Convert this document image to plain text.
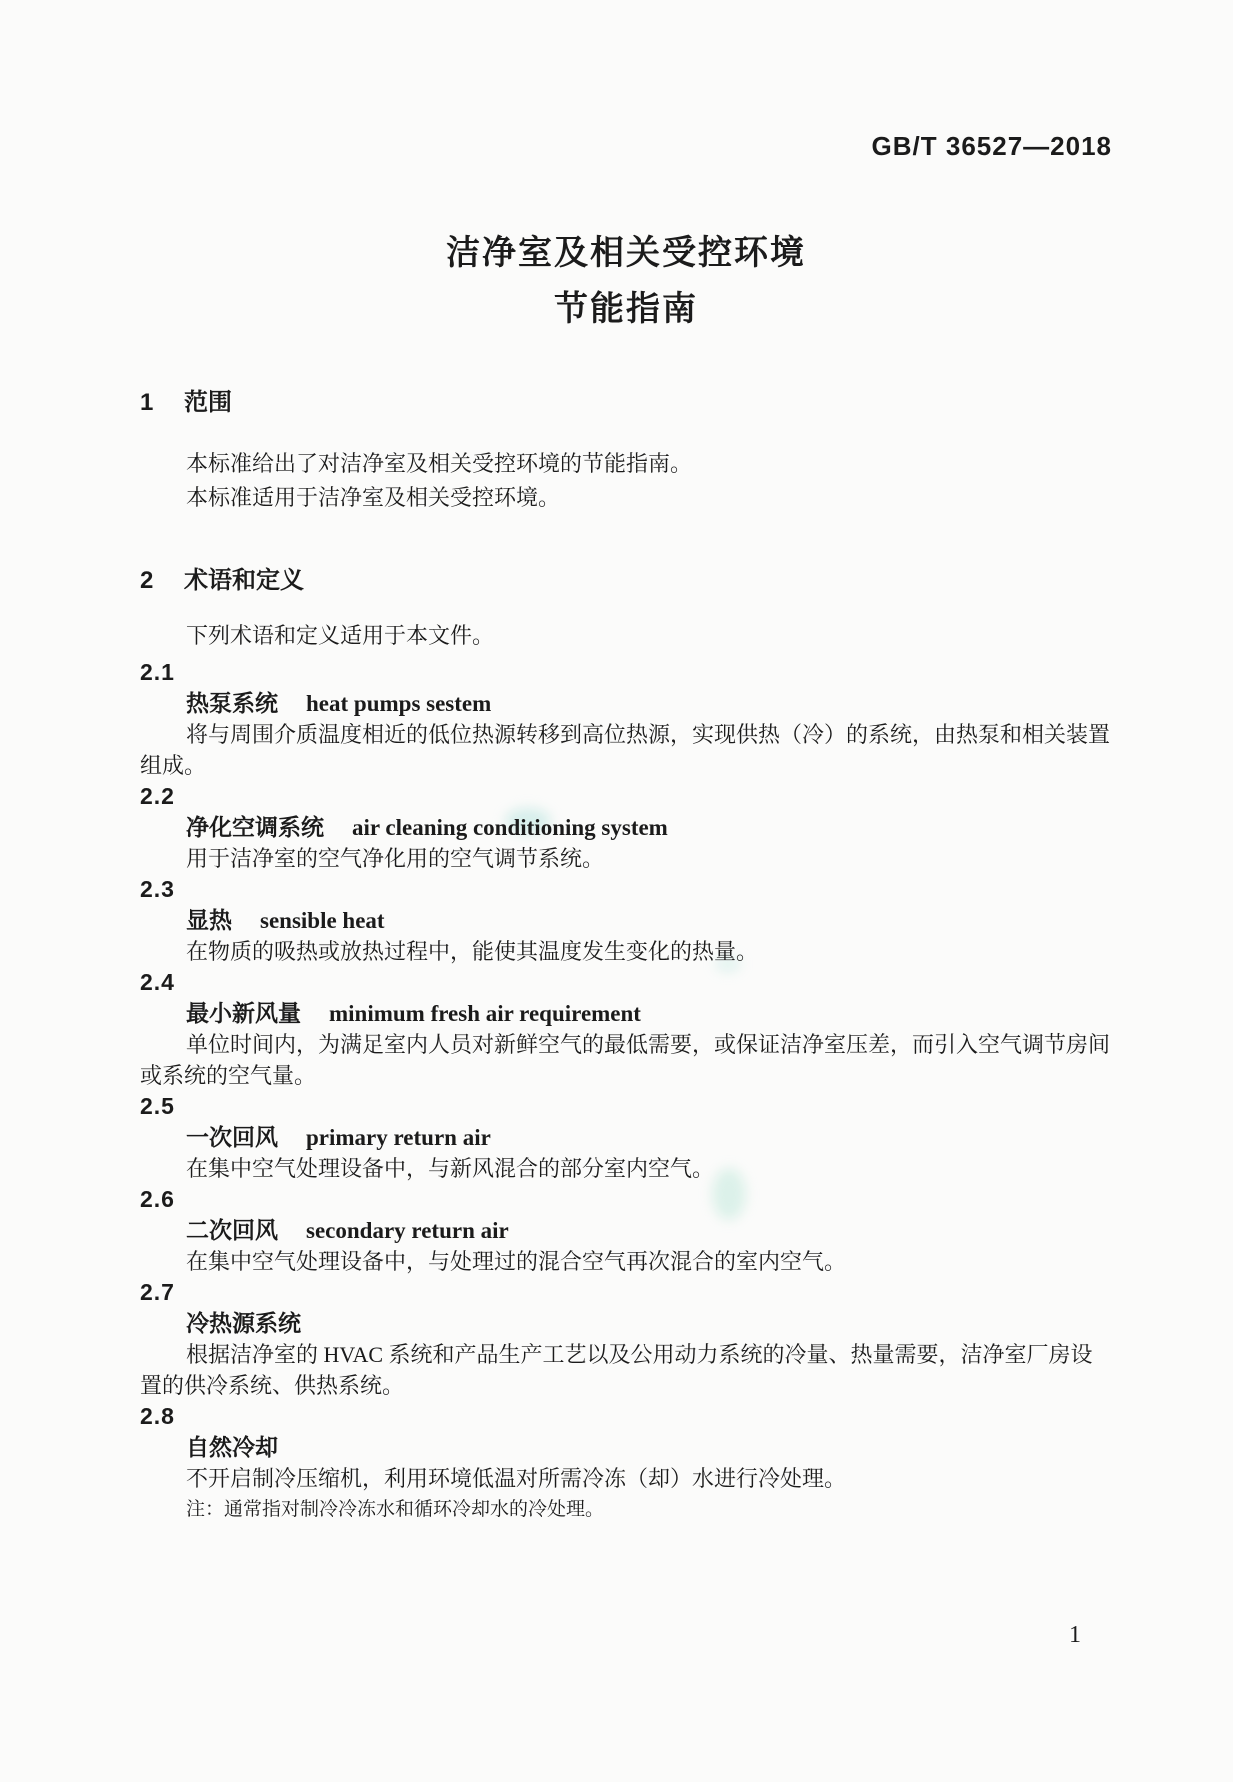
GB/T 36527—2018
洁净室及相关受控环境
节能指南
1 范围

本标准给出了对洁净室及相关受控环境的节能指南。

本标准适用于洁净室及相关受控环境。

2 术语和定义

下列术语和定义适用于本文件。

2.1
热泵系统 heat pumps sestem

将与周围介质温度相近的低位热源转移到高位热源，实现供热（冷）的系统，由热泵和相关装置组成。

2.2
净化空调系统 air cleaning conditioning system

用于洁净室的空气净化用的空气调节系统。

2.3
显热 sensible heat

在物质的吸热或放热过程中，能使其温度发生变化的热量。

2.4
最小新风量 minimum fresh air requirement

单位时间内，为满足室内人员对新鲜空气的最低需要，或保证洁净室压差，而引入空气调节房间或系统的空气量。

2.5
一次回风 primary return air

在集中空气处理设备中，与新风混合的部分室内空气。

2.6
二次回风 secondary return air

在集中空气处理设备中，与处理过的混合空气再次混合的室内空气。

2.7
冷热源系统

根据洁净室的 HVAC 系统和产品生产工艺以及公用动力系统的冷量、热量需要，洁净室厂房设置的供冷系统、供热系统。

2.8
自然冷却

不开启制冷压缩机，利用环境低温对所需冷冻（却）水进行冷处理。

注：通常指对制冷冷冻水和循环冷却水的冷处理。

1
